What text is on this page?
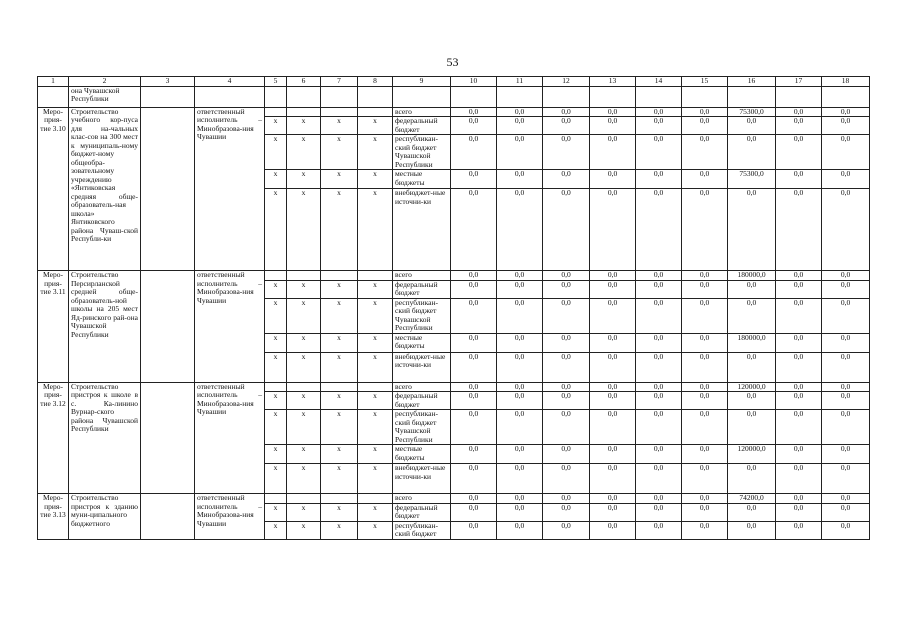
53
1	2	3	4	5	6	7	8	9	10	11	12	13	14	15	16	17	18
	она Чувашской Республики																
Меро-прия-тие 3.10	Строительство учебного кор-пуса для на-чальных клас-сов на 300 мест к муниципаль-ному бюджет-ному общеобра-зовательному учреждению «Янтиковская средняя обще-образователь-ная школа» Янтиковского района Чуваш-ской Республи-ки		ответственный исполнитель – Минобразова-ния Чувашии					всего	0,0	0,0	0,0	0,0	0,0	0,0	75300,0	0,0	0,0
				х	х	х	х	федеральный бюджет	0,0	0,0	0,0	0,0	0,0	0,0	0,0	0,0	0,0
				х	х	х	х	республикан-ский бюджет Чувашской Республики	0,0	0,0	0,0	0,0	0,0	0,0	0,0	0,0	0,0
				х	х	х	х	местные бюджеты	0,0	0,0	0,0	0,0	0,0	0,0	75300,0	0,0	0,0
				х	х	х	х	внебюджет-ные источни-ки	0,0	0,0	0,0	0,0	0,0	0,0	0,0	0,0	0,0
Меро-прия-тие 3.11	Строительство Персирланской средней обще-образователь-ной школы на 205 мест Яд-ринского рай-она Чувашской Республики		ответственный исполнитель – Минобразова-ния Чувашии					всего	0,0	0,0	0,0	0,0	0,0	0,0	180000,0	0,0	0,0
				х	х	х	х	федеральный бюджет	0,0	0,0	0,0	0,0	0,0	0,0	0,0	0,0	0,0
				х	х	х	х	республикан-ский бюджет Чувашской Республики	0,0	0,0	0,0	0,0	0,0	0,0	0,0	0,0	0,0
				х	х	х	х	местные бюджеты	0,0	0,0	0,0	0,0	0,0	0,0	180000,0	0,0	0,0
				х	х	х	х	внебюджет-ные источни-ки	0,0	0,0	0,0	0,0	0,0	0,0	0,0	0,0	0,0
Меро-прия-тие 3.12	Строительство пристроя к школе в с. Ка-линино Вурнар-ского района Чувашской Республики		ответственный исполнитель – Минобразова-ния Чувашии					всего	0,0	0,0	0,0	0,0	0,0	0,0	120000,0	0,0	0,0
				х	х	х	х	федеральный бюджет	0,0	0,0	0,0	0,0	0,0	0,0	0,0	0,0	0,0
				х	х	х	х	республикан-ский бюджет Чувашской Республики	0,0	0,0	0,0	0,0	0,0	0,0	0,0	0,0	0,0
				х	х	х	х	местные бюджеты	0,0	0,0	0,0	0,0	0,0	0,0	120000,0	0,0	0,0
				х	х	х	х	внебюджет-ные источни-ки	0,0	0,0	0,0	0,0	0,0	0,0	0,0	0,0	0,0
Меро-прия-тие 3.13	Строительство пристроя к зданию муни-ципального бюджетного		ответственный исполнитель – Минобразова-ния Чувашии					всего	0,0	0,0	0,0	0,0	0,0	0,0	74200,0	0,0	0,0
				х	х	х	х	федеральный бюджет	0,0	0,0	0,0	0,0	0,0	0,0	0,0	0,0	0,0
				х	х	х	х	республикан-ский бюджет	0,0	0,0	0,0	0,0	0,0	0,0	0,0	0,0	0,0
